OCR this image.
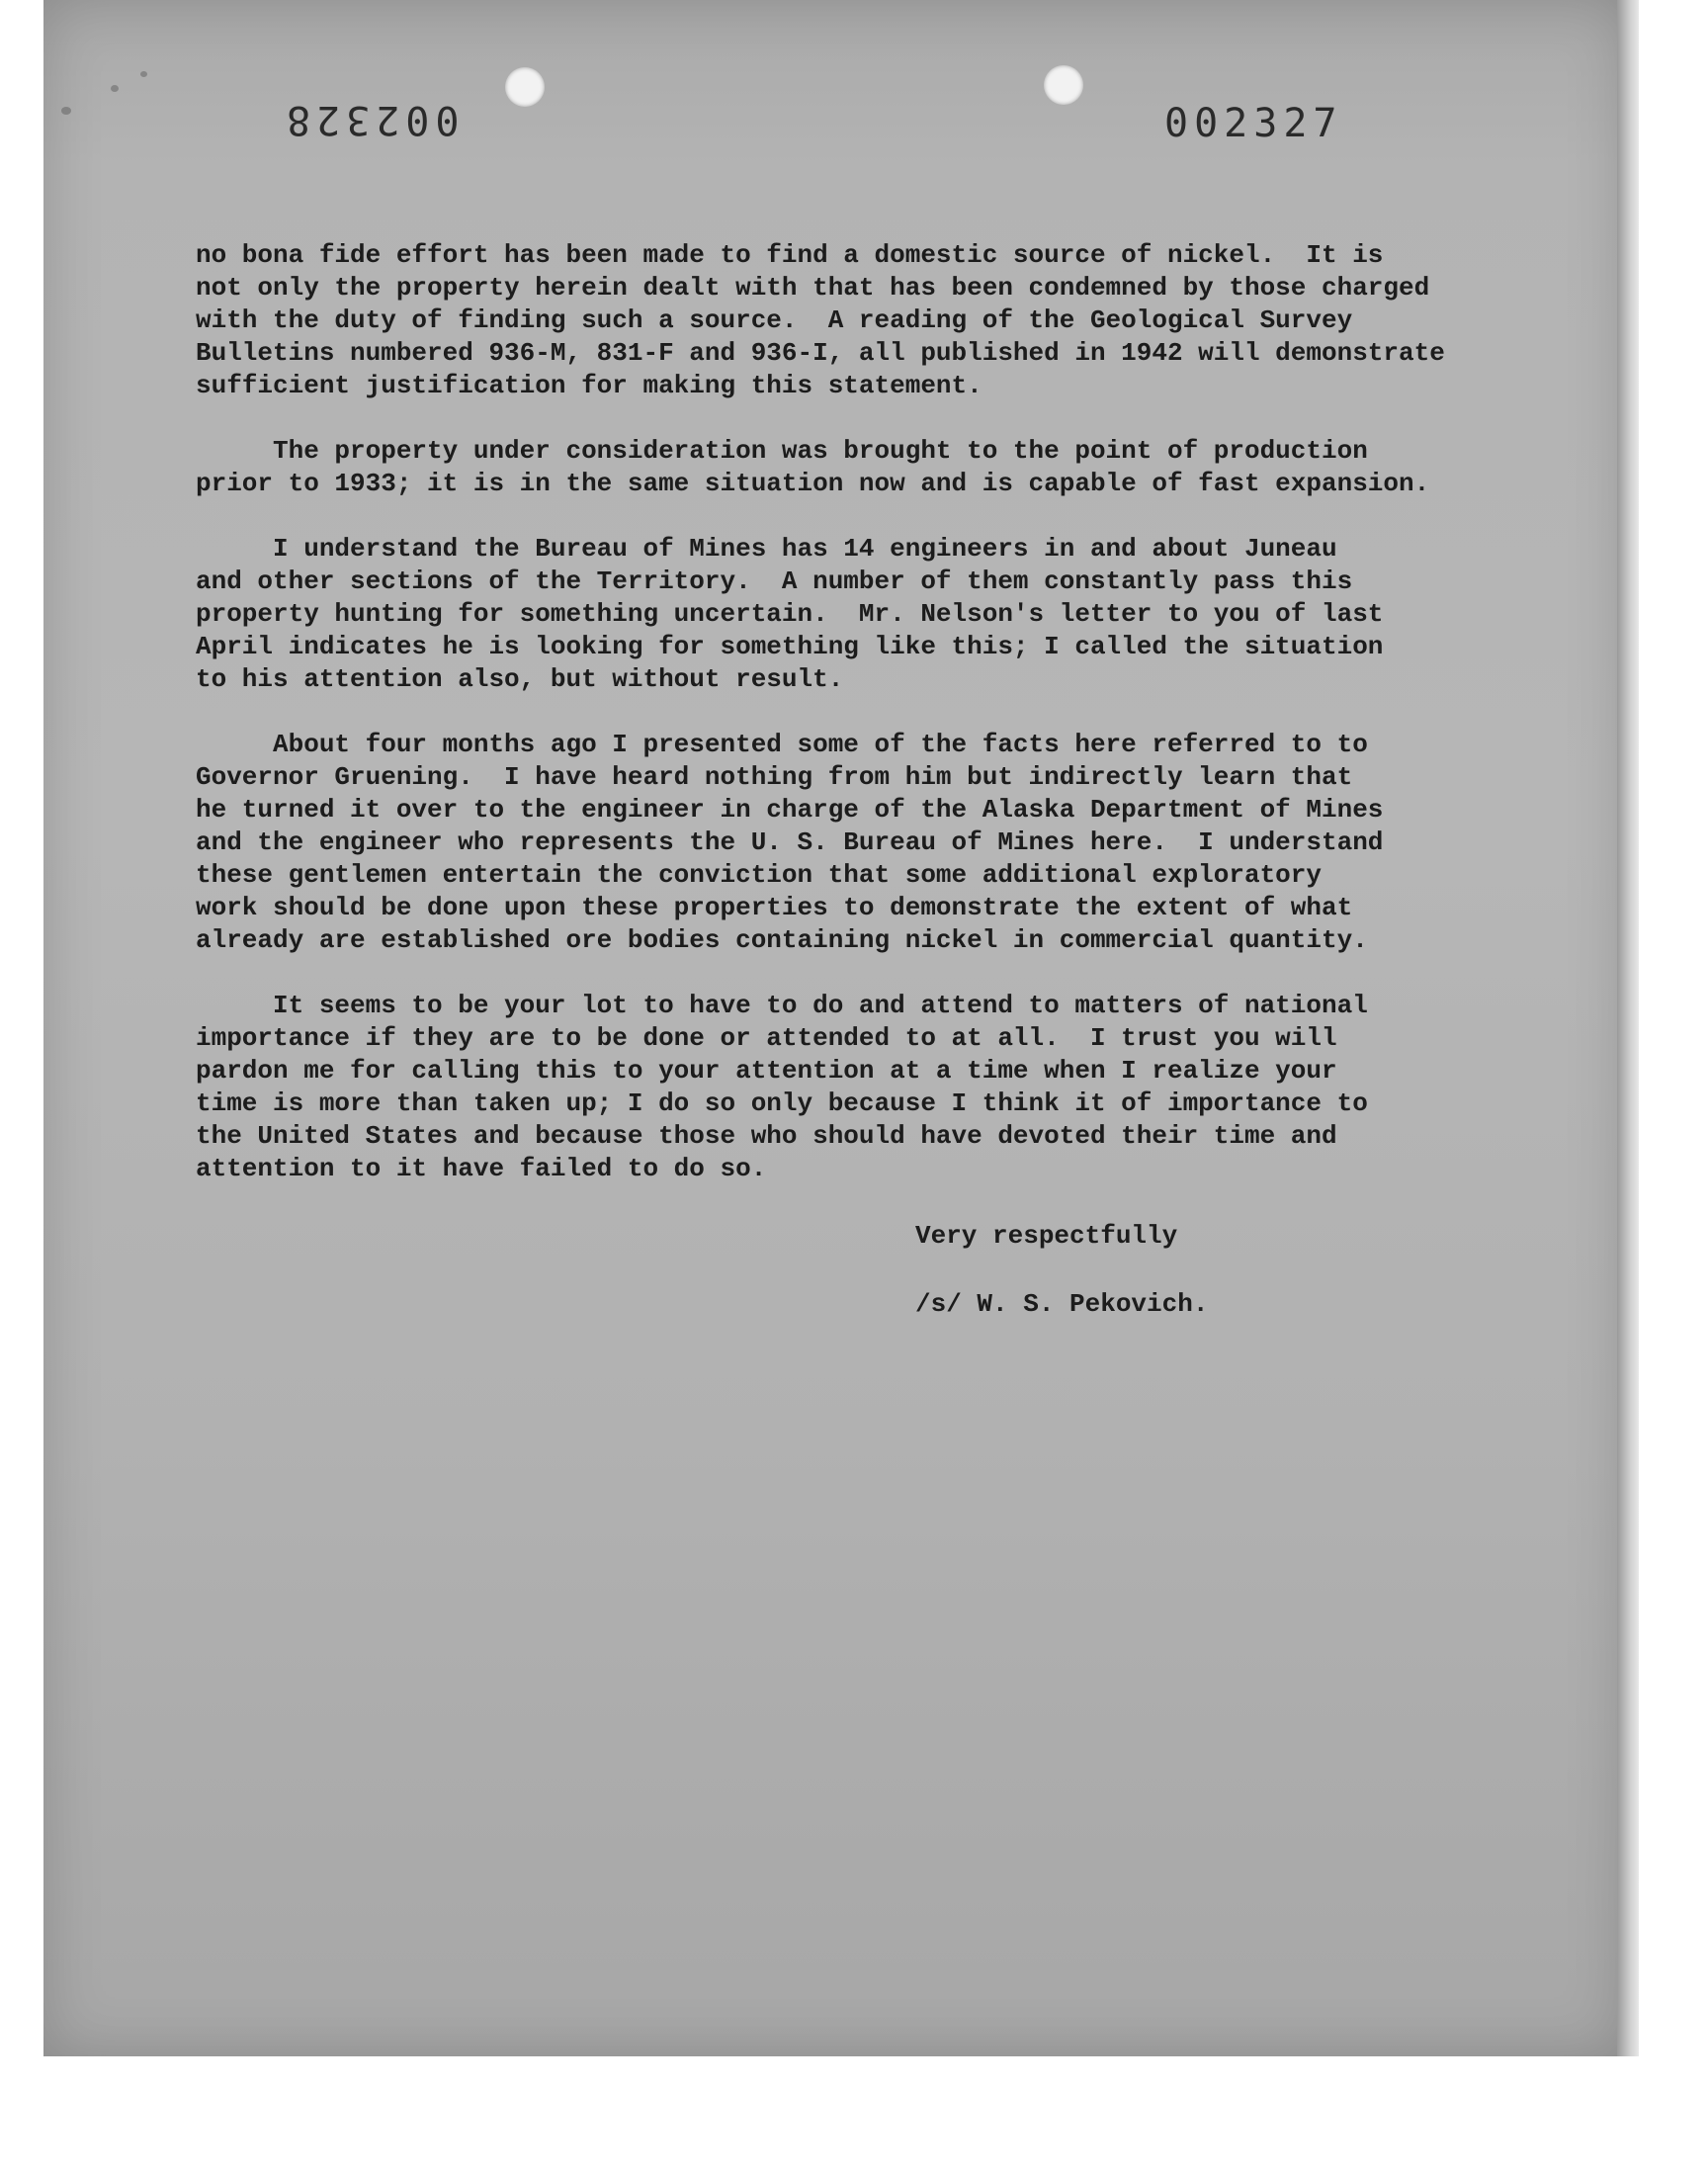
002328	002327

no bona fide effort has been made to find a domestic source of nickel.  It is
not only the property herein dealt with that has been condemned by those charged
with the duty of finding such a source.  A reading of the Geological Survey
Bulletins numbered 936-M, 831-F and 936-I, all published in 1942 will demonstrate
sufficient justification for making this statement.

The property under consideration was brought to the point of production
prior to 1933; it is in the same situation now and is capable of fast expansion.

I understand the Bureau of Mines has 14 engineers in and about Juneau
and other sections of the Territory.  A number of them constantly pass this
property hunting for something uncertain.  Mr. Nelson's letter to you of last
April indicates he is looking for something like this; I called the situation
to his attention also, but without result.

About four months ago I presented some of the facts here referred to to
Governor Gruening.  I have heard nothing from him but indirectly learn that
he turned it over to the engineer in charge of the Alaska Department of Mines
and the engineer who represents the U. S. Bureau of Mines here.  I understand
these gentlemen entertain the conviction that some additional exploratory
work should be done upon these properties to demonstrate the extent of what
already are established ore bodies containing nickel in commercial quantity.

It seems to be your lot to have to do and attend to matters of national
importance if they are to be done or attended to at all.  I trust you will
pardon me for calling this to your attention at a time when I realize your
time is more than taken up; I do so only because I think it of importance to
the United States and because those who should have devoted their time and
attention to it have failed to do so.

Very respectfully
/s/ W. S. Pekovich.
